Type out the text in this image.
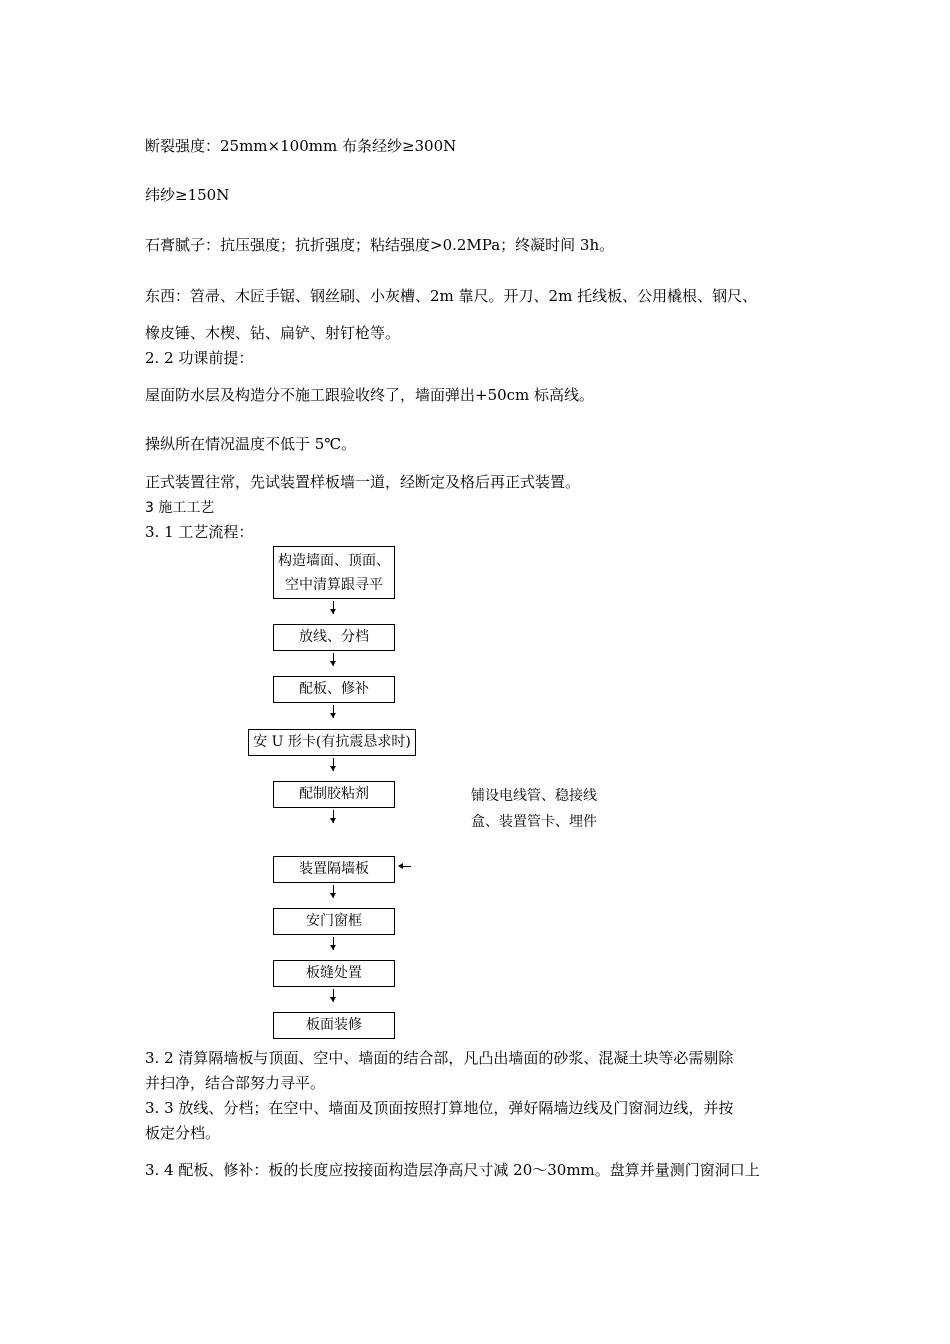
断裂强度：25mm×100mm 布条经纱≥300N
纬纱≥150N
石膏腻子：抗压强度；抗折强度；粘结强度>0.2MPa；终凝时间 3h。
东西：笤帚、木匠手锯、钢丝刷、小灰槽、2m 靠尺。开刀、2m 托线板、公用橇根、钢尺、
橡皮锤、木楔、钻、扁铲、射钉枪等。
2. 2 功课前提：
屋面防水层及构造分不施工跟验收终了，墙面弹出+50cm 标高线。
操纵所在情况温度不低于 5℃。
正式装置往常，先试装置样板墙一道，经断定及格后再正式装置。
3 施工工艺
3. 1 工艺流程：
构造墙面、顶面、
空中清算跟寻平
放线、分档
配板、修补
安 U 形卡(有抗震恳求时)
配制胶粘剂	铺设电线管、稳接线
盒、装置管卡、埋件
装置隔墙板
安门窗框
板缝处置
板面装修
3. 2 清算隔墙板与顶面、空中、墙面的结合部，凡凸出墙面的砂浆、混凝土块等必需剔除
并扫净，结合部努力寻平。
3. 3 放线、分档；在空中、墙面及顶面按照打算地位，弹好隔墙边线及门窗洞边线，并按
板定分档。
3. 4 配板、修补：板的长度应按接面构造层净高尺寸减 20～30mm。盘算并量测门窗洞口上
